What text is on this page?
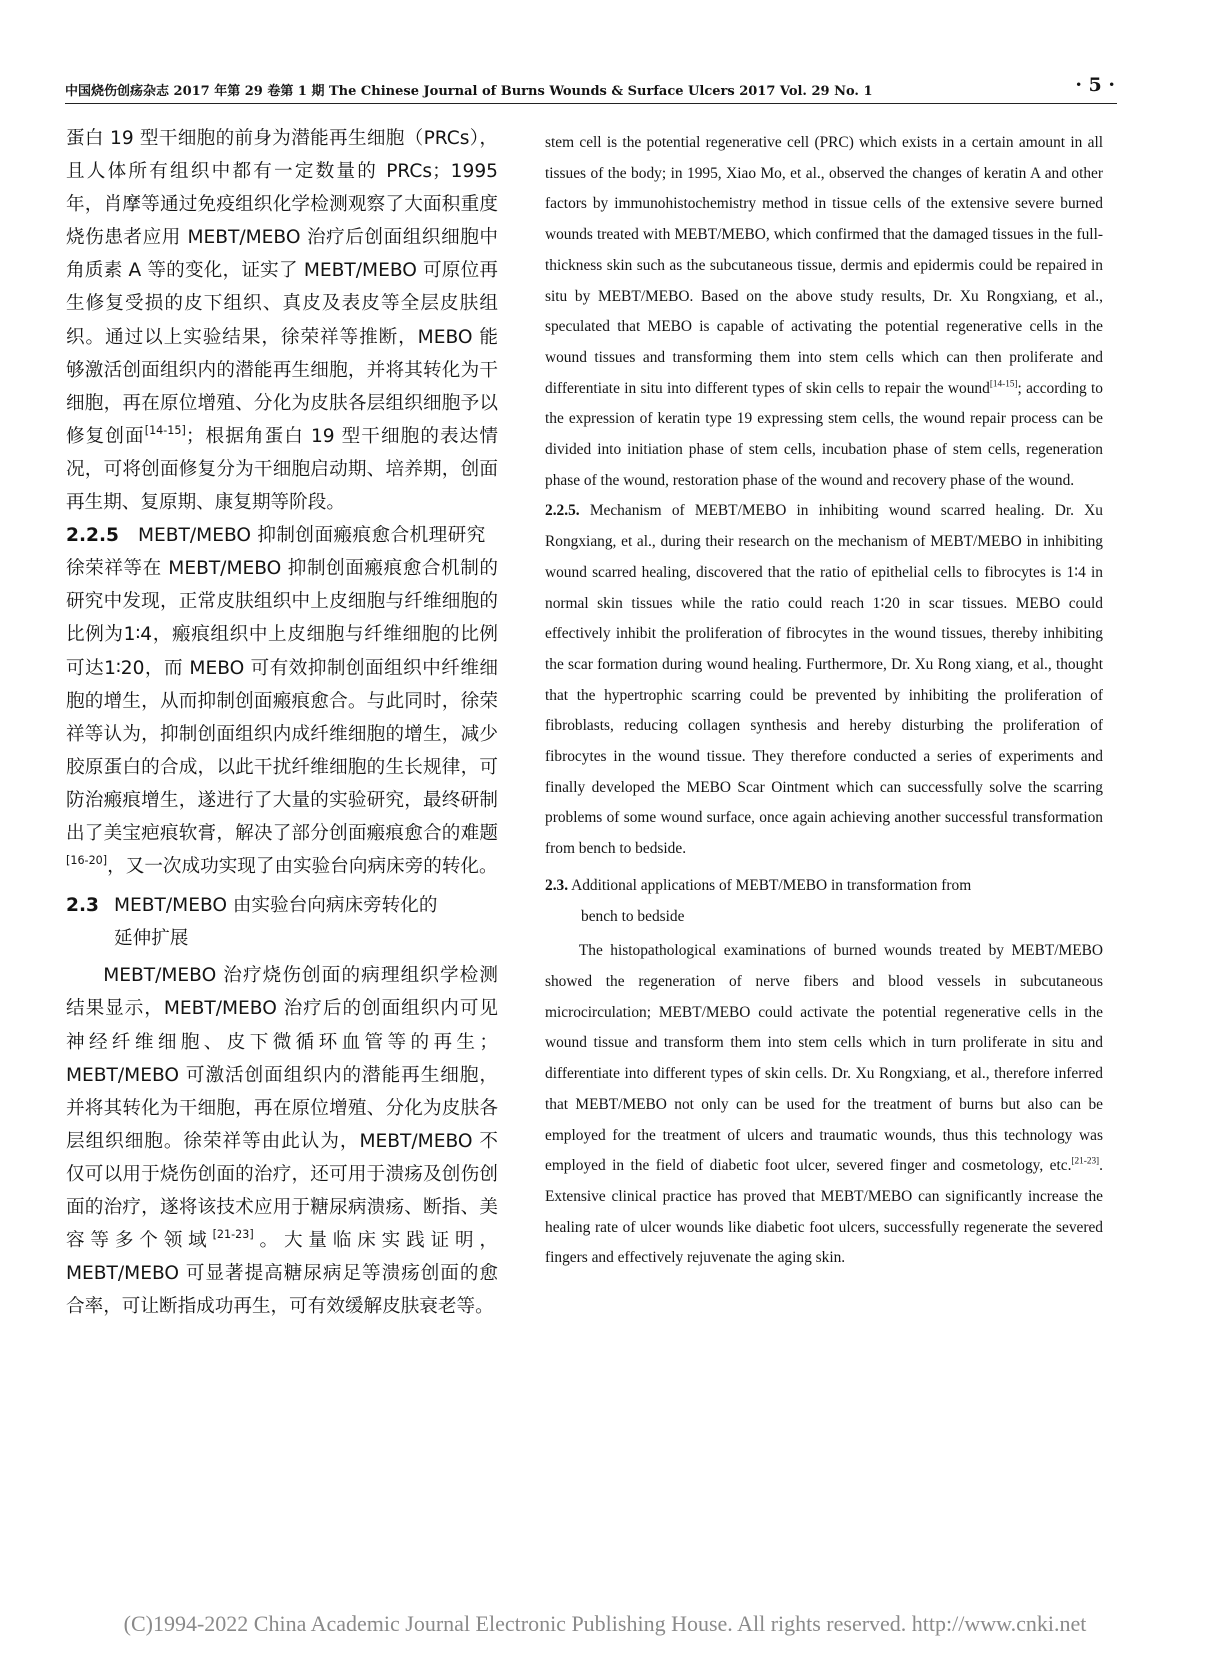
中国烧伤创疡杂志 2017 年第 29 卷第 1 期 The Chinese Journal of Burns Wounds & Surface Ulcers 2017 Vol. 29 No. 1	· 5 ·

蛋白 19 型干细胞的前身为潜能再生细胞（PRCs），且人体所有组织中都有一定数量的 PRCs；1995 年，肖摩等通过免疫组织化学检测观察了大面积重度烧伤患者应用 MEBT/MEBO 治疗后创面组织细胞中角质素 A 等的变化，证实了 MEBT/MEBO 可原位再生修复受损的皮下组织、真皮及表皮等全层皮肤组织。通过以上实验结果，徐荣祥等推断，MEBO 能够激活创面组织内的潜能再生细胞，并将其转化为干细胞，再在原位增殖、分化为皮肤各层组织细胞予以修复创面[14-15]；根据角蛋白 19 型干细胞的表达情况，可将创面修复分为干细胞启动期、培养期，创面再生期、复原期、康复期等阶段。

2.2.5 MEBT/MEBO 抑制创面瘢痕愈合机理研究   徐荣祥等在 MEBT/MEBO 抑制创面瘢痕愈合机制的研究中发现，正常皮肤组织中上皮细胞与纤维细胞的比例为1∶4，瘢痕组织中上皮细胞与纤维细胞的比例可达1∶20，而 MEBO 可有效抑制创面组织中纤维细胞的增生，从而抑制创面瘢痕愈合。与此同时，徐荣祥等认为，抑制创面组织内成纤维细胞的增生，减少胶原蛋白的合成，以此干扰纤维细胞的生长规律，可防治瘢痕增生，遂进行了大量的实验研究，最终研制出了美宝疤痕软膏，解决了部分创面瘢痕愈合的难题[16-20]，又一次成功实现了由实验台向病床旁的转化。

2.3 MEBT/MEBO 由实验台向病床旁转化的
延伸扩展

MEBT/MEBO 治疗烧伤创面的病理组织学检测结果显示，MEBT/MEBO 治疗后的创面组织内可见神经纤维细胞、皮下微循环血管等的再生；MEBT/MEBO 可激活创面组织内的潜能再生细胞，并将其转化为干细胞，再在原位增殖、分化为皮肤各层组织细胞。徐荣祥等由此认为，MEBT/MEBO 不仅可以用于烧伤创面的治疗，还可用于溃疡及创伤创面的治疗，遂将该技术应用于糖尿病溃疡、断指、美容等多个领域[21-23]。大量临床实践证明，MEBT/MEBO 可显著提高糖尿病足等溃疡创面的愈合率，可让断指成功再生，可有效缓解皮肤衰老等。

stem cell is the potential regenerative cell (PRC) which exists in a certain amount in all tissues of the body; in 1995, Xiao Mo, et al., observed the changes of keratin A and other factors by immunohistochemistry method in tissue cells of the extensive severe burned wounds treated with MEBT/MEBO, which confirmed that the damaged tissues in the full-thickness skin such as the subcutaneous tissue, dermis and epidermis could be repaired in situ by MEBT/MEBO. Based on the above study results, Dr. Xu Rongxiang, et al., speculated that MEBO is capable of activating the potential regenerative cells in the wound tissues and transforming them into stem cells which can then proliferate and differentiate in situ into different types of skin cells to repair the wound[14-15]; according to the expression of keratin type 19 expressing stem cells, the wound repair process can be divided into initiation phase of stem cells, incubation phase of stem cells, regeneration phase of the wound, restoration phase of the wound and recovery phase of the wound.

2.2.5. Mechanism of MEBT/MEBO in inhibiting wound scarred healing. Dr. Xu Rongxiang, et al., during their research on the mechanism of MEBT/MEBO in inhibiting wound scarred healing, discovered that the ratio of epithelial cells to fibrocytes is 1∶4 in normal skin tissues while the ratio could reach 1∶20 in scar tissues. MEBO could effectively inhibit the proliferation of fibrocytes in the wound tissues, thereby inhibiting the scar formation during wound healing. Furthermore, Dr. Xu Rong xiang, et al., thought that the hypertrophic scarring could be prevented by inhibiting the proliferation of fibroblasts, reducing collagen synthesis and hereby disturbing the proliferation of fibrocytes in the wound tissue. They therefore conducted a series of experiments and finally developed the MEBO Scar Ointment which can successfully solve the scarring problems of some wound surface, once again achieving another successful transformation from bench to bedside.

2.3. Additional applications of MEBT/MEBO in transformation from
bench to bedside

The histopathological examinations of burned wounds treated by MEBT/MEBO showed the regeneration of nerve fibers and blood vessels in subcutaneous microcirculation; MEBT/MEBO could activate the potential regenerative cells in the wound tissue and transform them into stem cells which in turn proliferate in situ and differentiate into different types of skin cells. Dr. Xu Rongxiang, et al., therefore inferred that MEBT/MEBO not only can be used for the treatment of burns but also can be employed for the treatment of ulcers and traumatic wounds, thus this technology was employed in the field of diabetic foot ulcer, severed finger and cosmetology, etc.[21-23]. Extensive clinical practice has proved that MEBT/MEBO can significantly increase the healing rate of ulcer wounds like diabetic foot ulcers, successfully regenerate the severed fingers and effectively rejuvenate the aging skin.

(C)1994-2022 China Academic Journal Electronic Publishing House. All rights reserved. http://www.cnki.net
